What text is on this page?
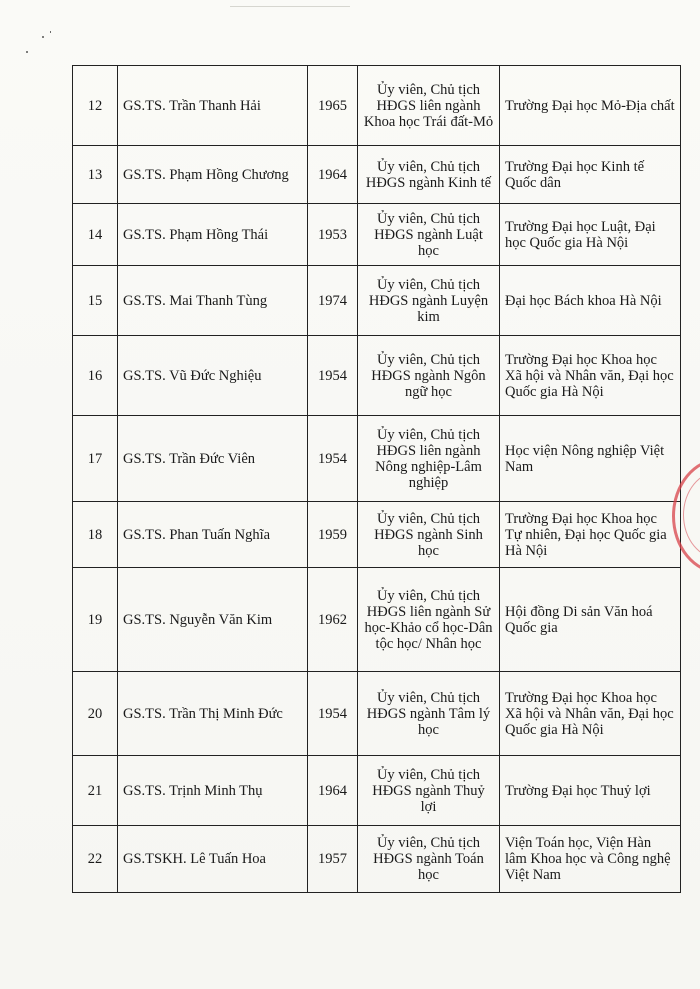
12	GS.TS. Trần Thanh Hải	1965	Ủy viên, Chủ tịch HĐGS liên ngành Khoa học Trái đất-Mỏ	Trường Đại học Mỏ-Địa chất
13	GS.TS. Phạm Hồng Chương	1964	Ủy viên, Chủ tịch HĐGS ngành Kinh tế	Trường Đại học Kinh tế Quốc dân
14	GS.TS. Phạm Hồng Thái	1953	Ủy viên, Chủ tịch HĐGS ngành Luật học	Trường Đại học Luật, Đại học Quốc gia Hà Nội
15	GS.TS. Mai Thanh Tùng	1974	Ủy viên, Chủ tịch HĐGS ngành Luyện kim	Đại học Bách khoa Hà Nội
16	GS.TS. Vũ Đức Nghiệu	1954	Ủy viên, Chủ tịch HĐGS ngành Ngôn ngữ học	Trường Đại học Khoa học Xã hội và Nhân văn, Đại học Quốc gia Hà Nội
17	GS.TS. Trần Đức Viên	1954	Ủy viên, Chủ tịch HĐGS liên ngành Nông nghiệp-Lâm nghiệp	Học viện Nông nghiệp Việt Nam
18	GS.TS. Phan Tuấn Nghĩa	1959	Ủy viên, Chủ tịch HĐGS ngành Sinh học	Trường Đại học Khoa học Tự nhiên, Đại học Quốc gia Hà Nội
19	GS.TS. Nguyễn Văn Kim	1962	Ủy viên, Chủ tịch HĐGS liên ngành Sử học-Khảo cổ học-Dân tộc học/ Nhân học	Hội đồng Di sản Văn hoá Quốc gia
20	GS.TS. Trần Thị Minh Đức	1954	Ủy viên, Chủ tịch HĐGS ngành Tâm lý học	Trường Đại học Khoa học Xã hội và Nhân văn, Đại học Quốc gia Hà Nội
21	GS.TS. Trịnh Minh Thụ	1964	Ủy viên, Chủ tịch HĐGS ngành Thuỷ lợi	Trường Đại học Thuỷ lợi
22	GS.TSKH. Lê Tuấn Hoa	1957	Ủy viên, Chủ tịch HĐGS ngành Toán học	Viện Toán học, Viện Hàn lâm Khoa học và Công nghệ Việt Nam
